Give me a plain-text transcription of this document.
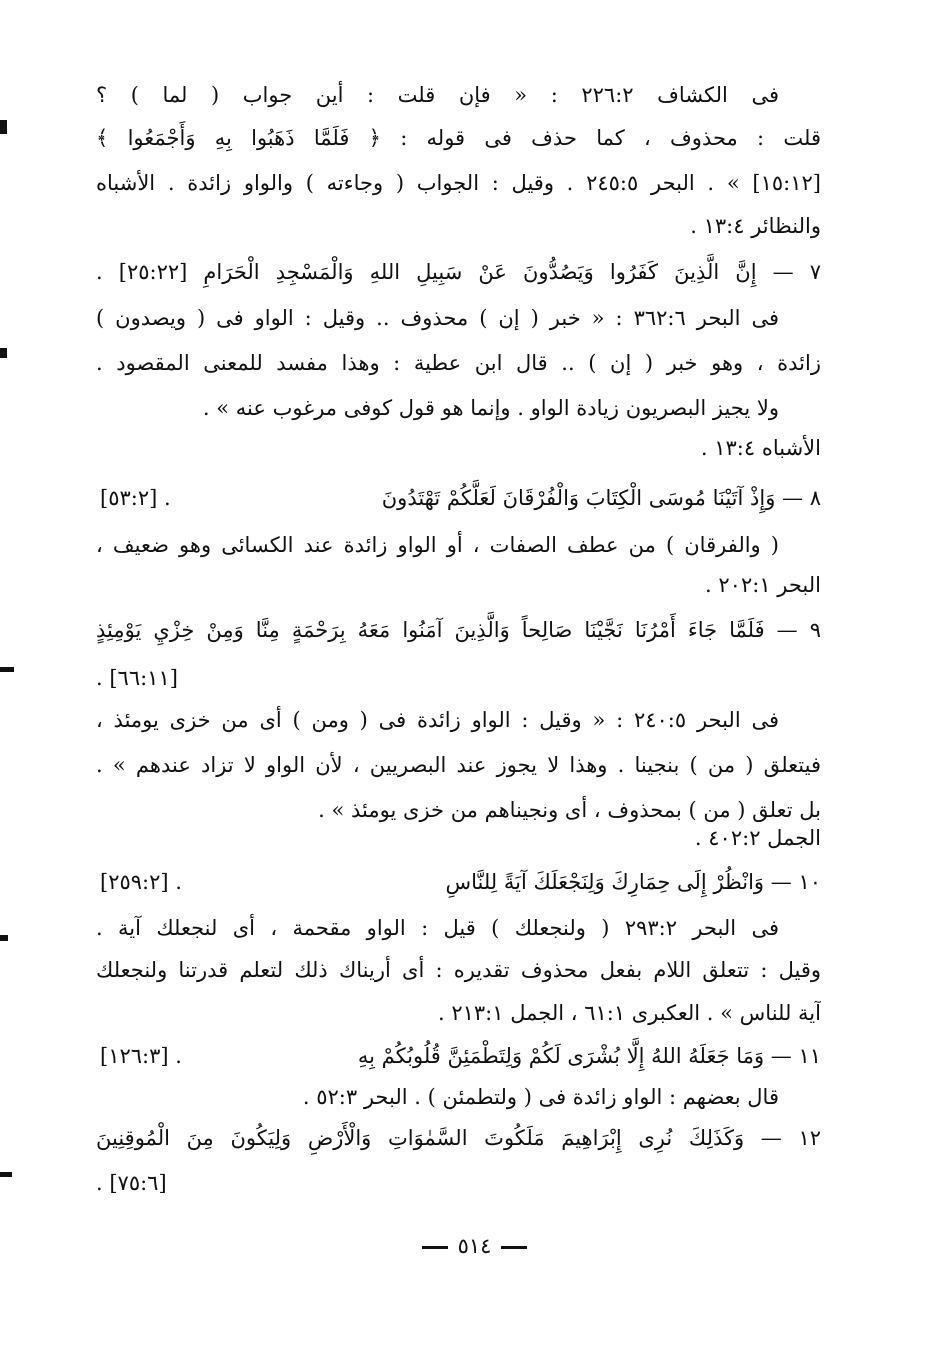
فى الكشاف ٢٢٦:٢ : « فإن قلت : أين جواب ( لما ) ؟
قلت : محذوف ، كما حذف فى قوله : ﴿ فَلَمَّا ذَهَبُوا بِهِ وَأَجْمَعُوا ﴾
[١٥:١٢] » . البحر ٢٤٥:٥ . وقيل : الجواب ( وجاءته ) والواو زائدة . الأشباه
والنظائر ١٣:٤ .
٧ — إِنَّ الَّذِينَ كَفَرُوا وَيَصُدُّونَ عَنْ سَبِيلِ اللهِ وَالْمَسْجِدِ الْحَرَامِ [٢٥:٢٢] .
فى البحر ٣٦٢:٦ : « خبر ( إن ) محذوف .. وقيل : الواو فى ( ويصدون )
زائدة ، وهو خبر ( إن ) .. قال ابن عطية : وهذا مفسد للمعنى المقصود .
ولا يجيز البصريون زيادة الواو . وإنما هو قول كوفى مرغوب عنه » .
الأشباه ١٣:٤ .
٨ — وَإِذْ آتَيْنَا مُوسَى الْكِتَابَ وَالْفُرْقَانَ لَعَلَّكُمْ تَهْتَدُونَ
[٥٣:٢] .
( والفرقان ) من عطف الصفات ، أو الواو زائدة عند الكسائى وهو ضعيف ،
البحر ٢٠٢:١ .
٩ — فَلَمَّا جَاءَ أَمْرُنَا نَجَّيْنَا صَالِحاً وَالَّذِينَ آمَنُوا مَعَهُ بِرَحْمَةٍ مِنَّا وَمِنْ خِزْيِ يَوْمِئِذٍ
[٦٦:١١] .
فى البحر ٢٤٠:٥ : « وقيل : الواو زائدة فى ( ومن ) أى من خزى يومئذ ،
فيتعلق ( من ) بنجينا . وهذا لا يجوز عند البصريين ، لأن الواو لا تزاد عندهم » .
بل تعلق ( من ) بمحذوف ، أى ونجيناهم من خزى يومئذ » .
الجمل ٤٠٢:٢ .
١٠ — وَانْظُرْ إِلَى حِمَارِكَ وَلِنَجْعَلَكَ آيَةً لِلنَّاسِ
[٢٥٩:٢] .
فى البحر ٢٩٣:٢ ( ولنجعلك ) قيل : الواو مقحمة ، أى لنجعلك آية .
وقيل : تتعلق اللام بفعل محذوف تقديره : أى أريناك ذلك لتعلم قدرتنا ولنجعلك
آية للناس » . العكبرى ٦١:١ ، الجمل ٢١٣:١ .
١١ — وَمَا جَعَلَهُ اللهُ إِلَّا بُشْرَى لَكُمْ وَلِتَطْمَئِنَّ قُلُوبُكُمْ بِهِ
[١٢٦:٣] .
قال بعضهم : الواو زائدة فى ( ولتطمئن ) . البحر ٥٢:٣ .
١٢ — وَكَذَلِكَ نُرِى إِبْرَاهِيمَ مَلَكُوتَ السَّمٰوَاتِ وَالْأَرْضِ وَلِيَكُونَ مِنَ الْمُوقِنِينَ
[٧٥:٦] .
٥١٤
